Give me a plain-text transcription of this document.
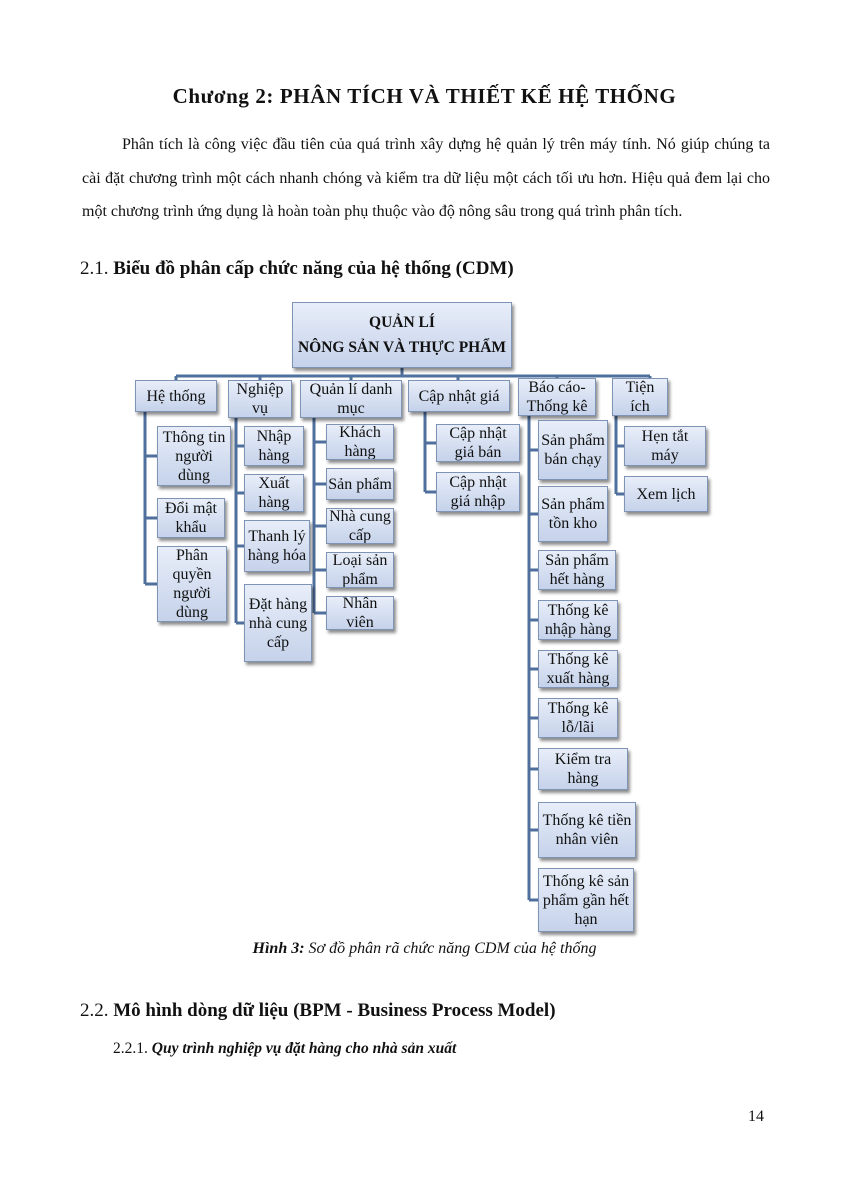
Chương 2: PHÂN TÍCH VÀ THIẾT KẾ HỆ THỐNG
Phân tích là công việc đầu tiên của quá trình xây dựng hệ quản lý trên máy tính. Nó giúp chúng ta cài đặt chương trình một cách nhanh chóng và kiểm tra dữ liệu một cách tối ưu hơn. Hiệu quả đem lại cho một chương trình ứng dụng là hoàn toàn phụ thuộc vào độ nông sâu trong quá trình phân tích.
2.1. Biểu đồ phân cấp chức năng của hệ thống (CDM)
QUẢN LÍ
NÔNG SẢN VÀ THỰC PHẨM
Hệ thống	Nghiệp vụ
Quản lí danh mục
Cập nhật giá	Báo cáo-Thống kê
Tiện ích
Thông tin người dùng
Đổi mật khẩu
Phân quyền người dùng
Nhập hàng
Xuất hàng
Thanh lý hàng hóa
Đặt hàng nhà cung cấp
Khách hàng
Sản phẩm
Nhà cung cấp
Loại sản phẩm
Nhân viên
Cập nhật giá bán
Cập nhật giá nhập
Sản phẩm bán chạy
Sản phẩm tồn kho
Sản phẩm hết hàng
Thống kê nhập hàng
Thống kê xuất hàng
Thống kê lỗ/lãi
Kiểm tra hàng
Thống kê tiền nhân viên
Thống kê sản phẩm gần hết hạn
Hẹn tắt máy
Xem lịch
Hình 3: Sơ đồ phân rã chức năng CDM của hệ thống
2.2. Mô hình dòng dữ liệu (BPM - Business Process Model)
2.2.1. Quy trình nghiệp vụ đặt hàng cho nhà sản xuất
14
